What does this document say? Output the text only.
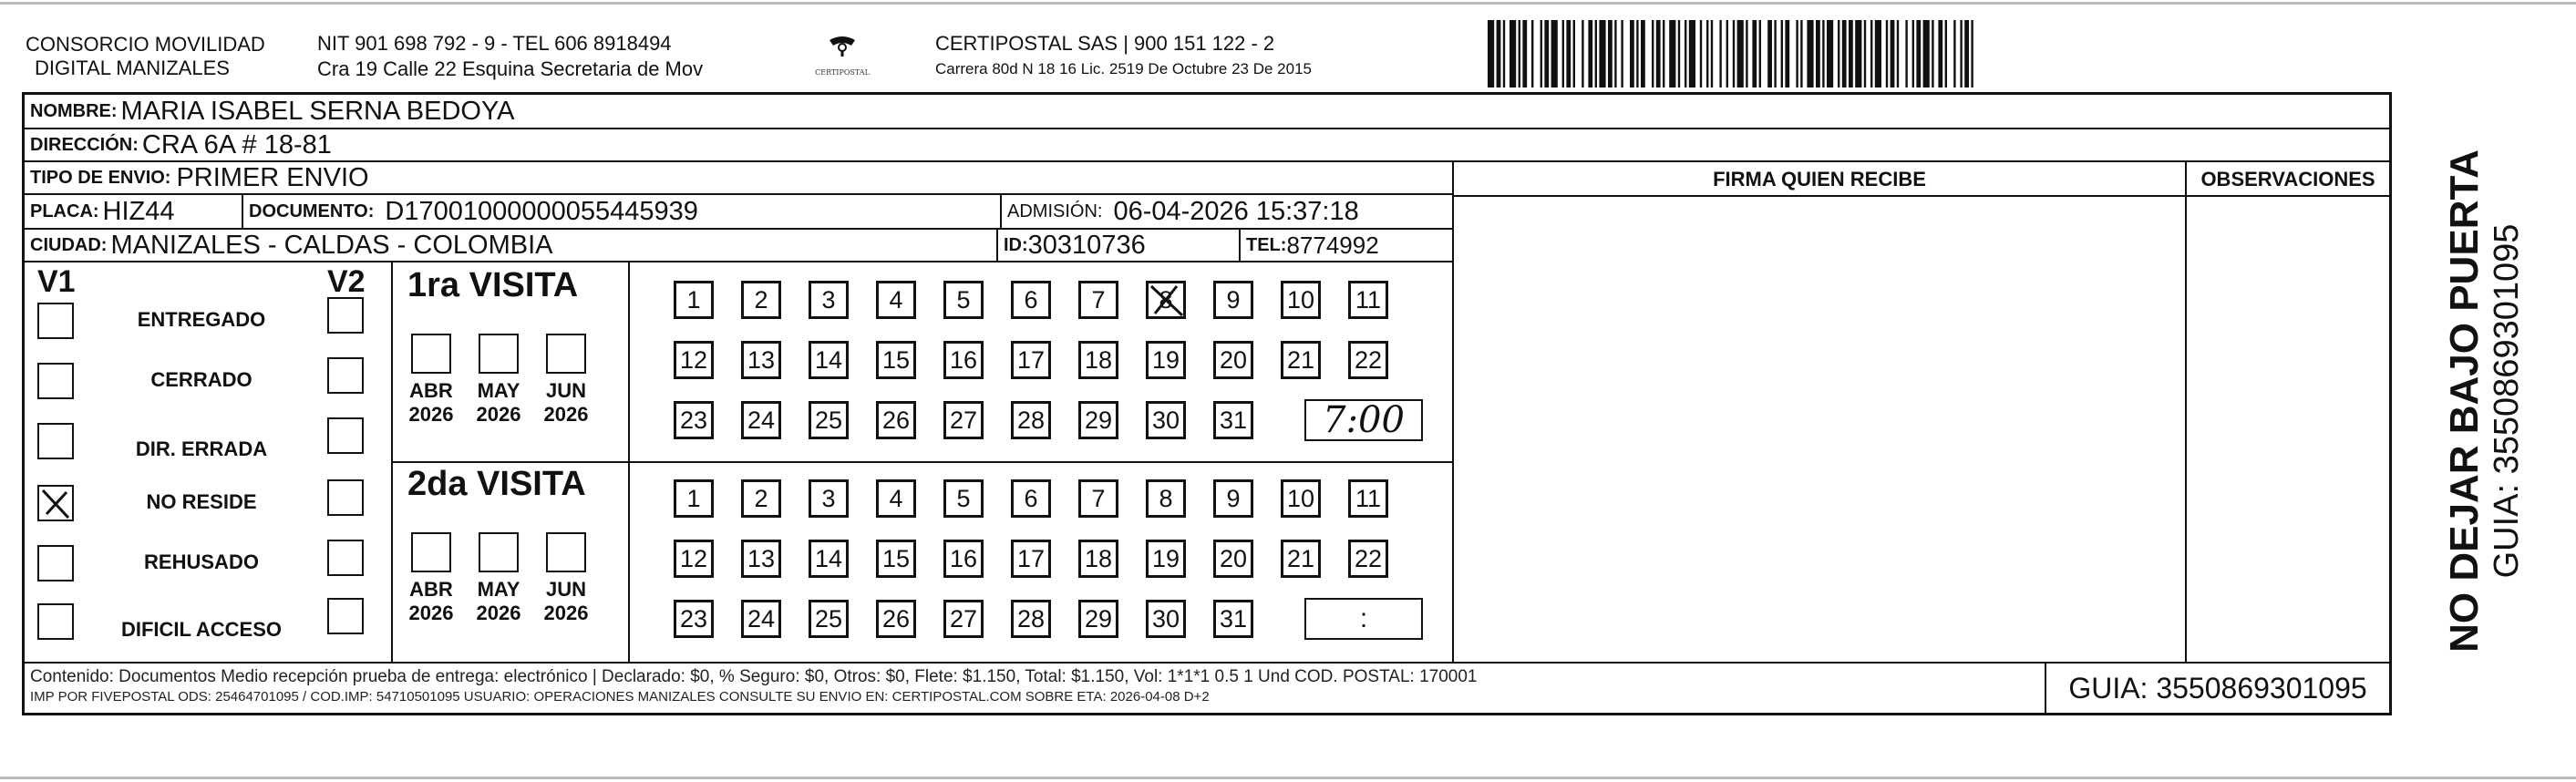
CONSORCIO MOVILIDAD
DIGITAL MANIZALES
NIT 901 698 792 - 9 - TEL 606 8918494
Cra 19 Calle 22 Esquina Secretaria de Mov	CERTIPOSTAL
CERTIPOSTAL SAS | 900 151 122 - 2
Carrera 80d N 18 16 Lic. 2519 De Octubre 23 De 2015
NOMBRE: MARIA ISABEL SERNA BEDOYA
DIRECCIÓN: CRA 6A # 18-81
TIPO DE ENVIO: PRIMER ENVIO
PLACA: HIZ44	DOCUMENTO: D17001000000055445939	ADMISIÓN: 06-04-2026 15:37:18
CIUDAD: MANIZALES - CALDAS - COLOMBIA	ID: 30310736	TEL: 8774992
FIRMA QUIEN RECIBE	OBSERVACIONES
V1	V2
ENTREGADO
CERRADO
DIR. ERRADA
NO RESIDE
REHUSADO
DIFICIL ACCESO
1ra VISITA
ABR
2026
MAY
2026
JUN
2026
1 2 3 4 5 6 7 8 9 10 11
12 13 14 15 16 17 18 19 20 21 22
23 24 25 26 27 28 29 30 31 7:00
2da VISITA
ABR
2026
MAY
2026
JUN
2026
1 2 3 4 5 6 7 8 9 10 11
12 13 14 15 16 17 18 19 20 21 22
23 24 25 26 27 28 29 30 31	:
Contenido: Documentos Medio recepción prueba de entrega: electrónico | Declarado: $0, % Seguro: $0, Otros: $0, Flete: $1.150, Total: $1.150, Vol: 1*1*1 0.5 1 Und COD. POSTAL: 170001
IMP POR FIVEPOSTAL ODS: 25464701095 / COD.IMP: 54710501095 USUARIO: OPERACIONES MANIZALES CONSULTE SU ENVIO EN: CERTIPOSTAL.COM SOBRE ETA: 2026-04-08 D+2	GUIA: 3550869301095
NO DEJAR BAJO PUERTA GUIA: 3550869301095
